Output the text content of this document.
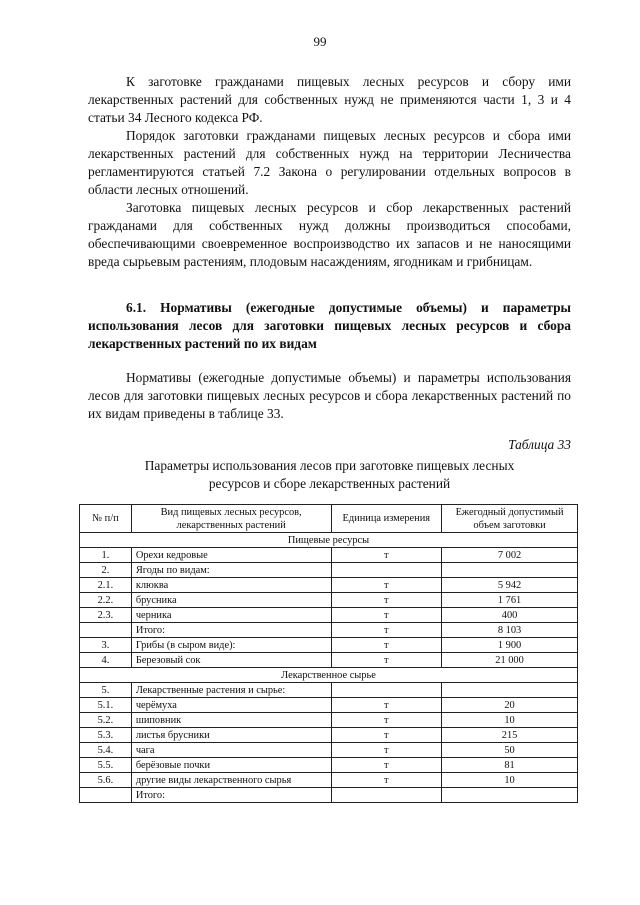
99

К заготовке гражданами пищевых лесных ресурсов и сбору ими лекарственных растений для собственных нужд не применяются части 1, 3 и 4 статьи 34 Лесного кодекса РФ.

Порядок заготовки гражданами пищевых лесных ресурсов и сбора ими лекарственных растений для собственных нужд на территории Лесничества регламентируются статьей 7.2 Закона о регулировании отдельных вопросов в области лесных отношений.

Заготовка пищевых лесных ресурсов и сбор лекарственных растений гражданами для собственных нужд должны производиться способами, обеспечивающими своевременное воспроизводство их запасов и не наносящими вреда сырьевым растениям, плодовым насаждениям, ягодникам и грибницам.

6.1. Нормативы (ежегодные допустимые объемы) и параметры использования лесов для заготовки пищевых лесных ресурсов и сбора лекарственных растений по их видам

Нормативы (ежегодные допустимые объемы) и параметры использования лесов для заготовки пищевых лесных ресурсов и сбора лекарственных растений по их видам приведены в таблице 33.

Таблица 33

Параметры использования лесов при заготовке пищевых лесных ресурсов и сборе лекарственных растений

№ п/п	Вид пищевых лесных ресурсов, лекарственных растений	Единица измерения	Ежегодный допустимый объем заготовки
Пищевые ресурсы			
1.	Орехи кедровые	т	7 002
2.	Ягоды по видам:		
2.1.	клюква	т	5 942
2.2.	брусника	т	1 761
2.3.	черника	т	400
	Итого:	т	8 103
3.	Грибы (в сыром виде):	т	1 900
4.	Березовый сок	т	21 000
Лекарственное сырье			
5.	Лекарственные растения и сырье:		
5.1.	черёмуха	т	20
5.2.	шиповник	т	10
5.3.	листья брусники	т	215
5.4.	чага	т	50
5.5.	берёзовые почки	т	81
5.6.	другие виды лекарственного сырья	т	10
	Итого:		
